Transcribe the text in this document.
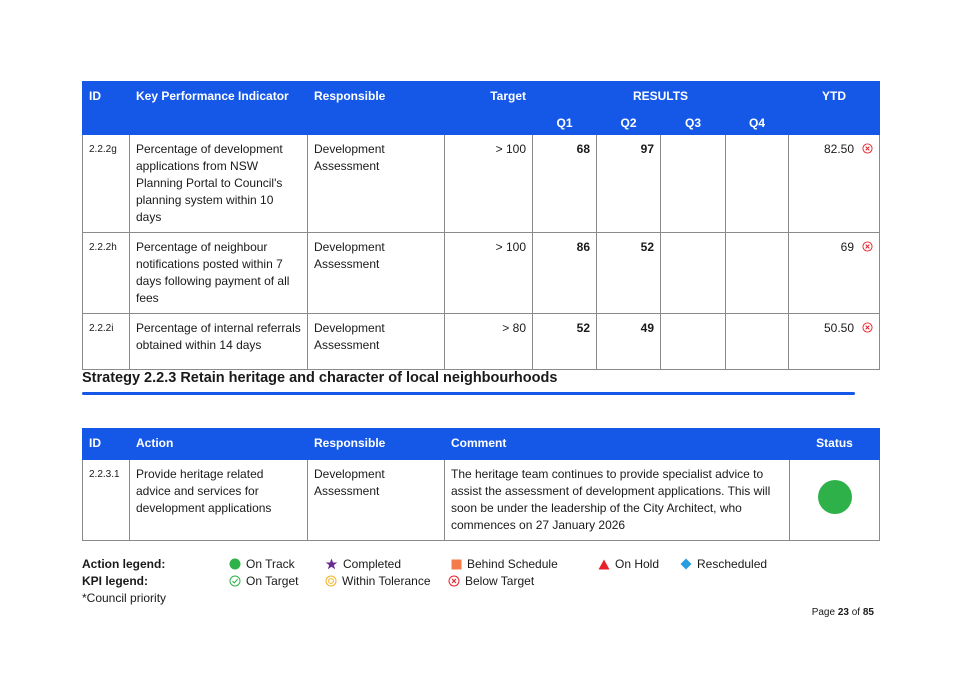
ID	Key Performance Indicator	Responsible	Target	RESULTS				YTD
				Q1	Q2	Q3	Q4	
2.2.2g	Percentage of development applications from NSW Planning Portal to Council's planning system within 10 days	Development Assessment	> 100	68	97			82.50
2.2.2h	Percentage of neighbour notifications posted within 7 days following payment of all fees	Development Assessment	> 100	86	52			69
2.2.2i	Percentage of internal referrals obtained within 14 days	Development Assessment	> 80	52	49			50.50
Strategy 2.2.3 Retain heritage and character of local neighbourhoods
ID	Action	Responsible	Comment	Status
2.2.3.1	Provide heritage related advice and services for development applications	Development Assessment	The heritage team continues to provide specialist advice to assist the assessment of development applications. This will soon be under the leadership of the City Architect, who commences on 27 January 2026	
Action legend:
KPI legend:
*Council priority
On Track	Completed	Behind Schedule	On Hold	Rescheduled
On Target	Within Tolerance	Below Target
Page 23 of 85
